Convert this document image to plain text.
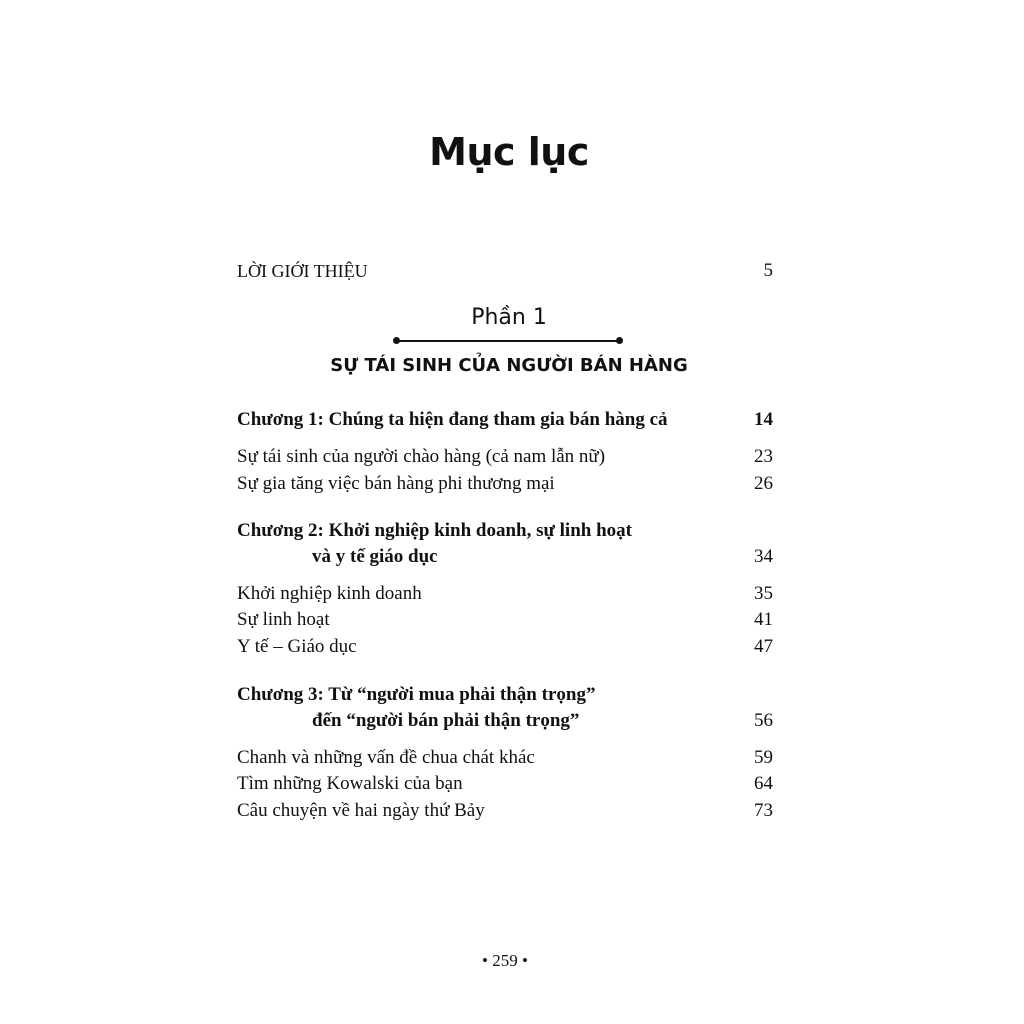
Mục lục
LỜI GIỚI THIỆU	5
Phần 1
SỰ TÁI SINH CỦA NGƯỜI BÁN HÀNG
Chương 1: Chúng ta hiện đang tham gia bán hàng cả	14
Sự tái sinh của người chào hàng (cả nam lẫn nữ)	23
Sự gia tăng việc bán hàng phi thương mại	26
Chương 2: Khởi nghiệp kinh doanh, sự linh hoạt
và y tế giáo dục	34
Khởi nghiệp kinh doanh	35
Sự linh hoạt	41
Y tế – Giáo dục	47
Chương 3: Từ “người mua phải thận trọng”
đến “người bán phải thận trọng”	56
Chanh và những vấn đề chua chát khác	59
Tìm những Kowalski của bạn	64
Câu chuyện về hai ngày thứ Bảy	73
• 259 •
